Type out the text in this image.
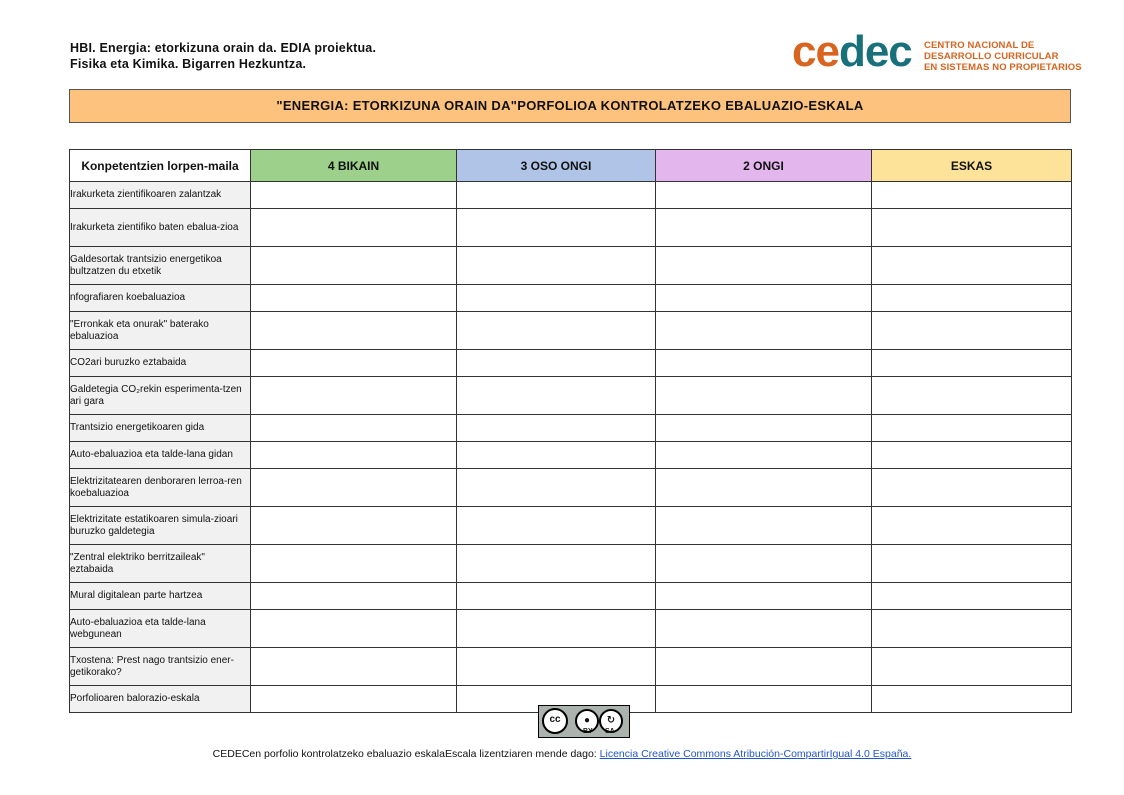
HBI. Energia: etorkizuna orain da. EDIA proiektua.
Fisika eta Kimika. Bigarren Hezkuntza.	cedec CENTRO NACIONAL DE
DESARROLLO CURRICULAR
EN SISTEMAS NO PROPIETARIOS
"ENERGIA: ETORKIZUNA ORAIN DA"PORFOLIOA KONTROLATZEKO EBALUAZIO-ESKALA
Konpetentzien lorpen-maila	4 BIKAIN	3 OSO ONGI	2 ONGI	ESKAS
Irakurketa zientifikoaren zalantzak				
Irakurketa zientifiko baten ebalua-zioa				
Galdesortak trantsizio energetikoa bultzatzen du etxetik				
nfografiaren koebaluazioa				
"Erronkak eta onurak" baterako ebaluazioa				
CO2ari buruzko eztabaida				
Galdetegia CO₂rekin esperimenta-tzen ari gara				
Trantsizio energetikoaren gida				
Auto-ebaluazioa eta talde-lana gidan				
Elektrizitatearen denboraren lerroa-ren koebaluazioa				
Elektrizitate estatikoaren simula-zioari buruzko galdetegia				
"Zentral elektriko berritzaileak" eztabaida				
Mural digitalean parte hartzea				
Auto-ebaluazioa eta talde-lana webgunean				
Txostena: Prest nago trantsizio ener-getikorako?				
Porfolioaren balorazio-eskala				
cc	●	↻
BY SA
CEDECen porfolio kontrolatzeko ebaluazio eskalaEscala lizentziaren mende dago: Licencia Creative Commons Atribución-CompartirIgual 4.0 España.
